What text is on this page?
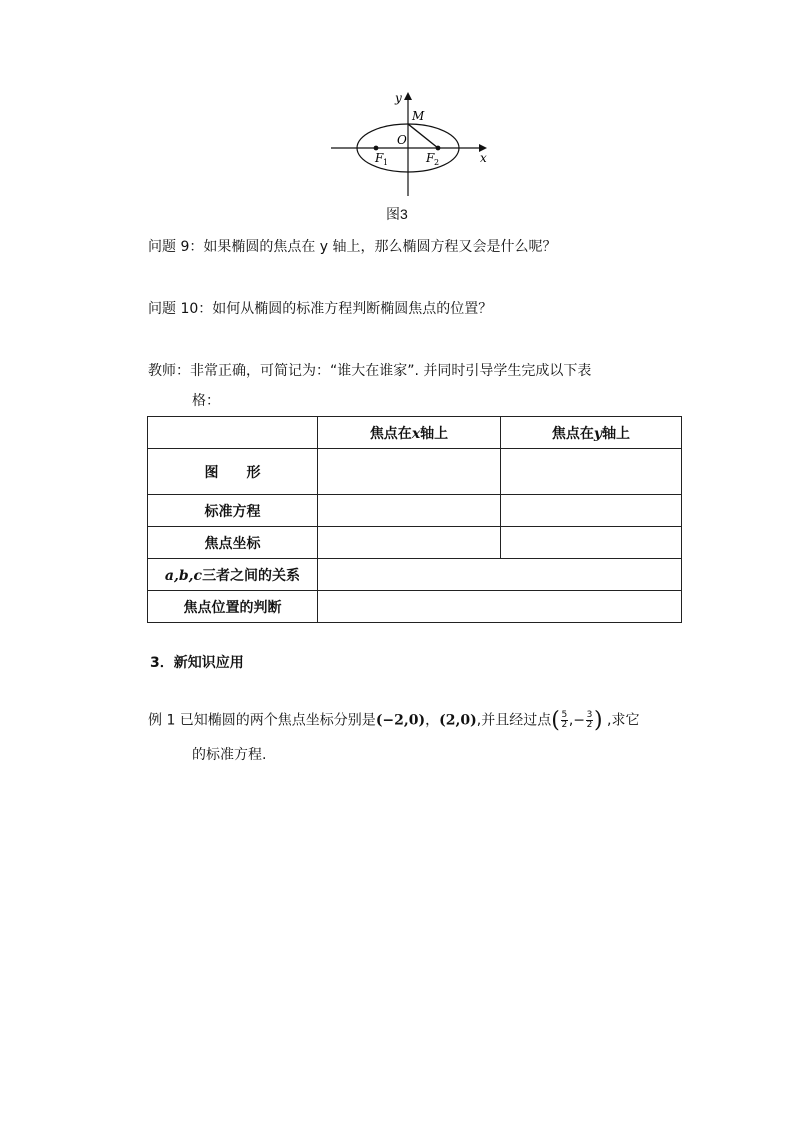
y
x
M
O
F 1	F 2
图3
问题 9：如果椭圆的焦点在 y 轴上，那么椭圆方程又会是什么呢？
问题 10：如何从椭圆的标准方程判断椭圆焦点的位置？
教师：非常正确，可简记为：“谁大在谁家”. 并同时引导学生完成以下表
格：
	焦点在x轴上	焦点在y轴上
图　　形		
标准方程		
焦点坐标		
a,b,c三者之间的关系		
焦点位置的判断		
3．新知识应用
例 1 已知椭圆的两个焦点坐标分别是(−2,0)，(2,0),并且经过点( $\frac{5}{2}$ ,− $\frac{3}{2}$ ) ,求它
的标准方程.
